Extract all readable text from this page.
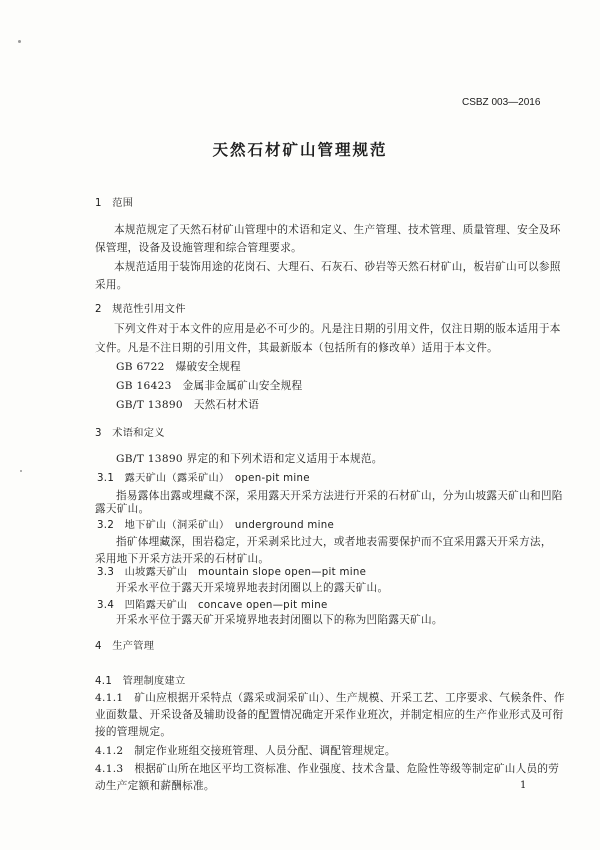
CSBZ 003—2016
天然石材矿山管理规范
1　范围
本规范规定了天然石材矿山管理中的术语和定义、生产管理、技术管理、质量管理、安全及环
保管理，设备及设施管理和综合管理要求。
本规范适用于装饰用途的花岗石、大理石、石灰石、砂岩等天然石材矿山，板岩矿山可以参照
采用。
2　规范性引用文件
下列文件对于本文件的应用是必不可少的。凡是注日期的引用文件，仅注日期的版本适用于本
文件。凡是不注日期的引用文件，其最新版本（包括所有的修改单）适用于本文件。
GB 6722　爆破安全规程
GB 16423　金属非金属矿山安全规程
GB/T 13890　天然石材术语
3　术语和定义
GB/T 13890 界定的和下列术语和定义适用于本规范。
3.1　露天矿山（露采矿山）　open-pit mine
指易露体出露或埋藏不深，采用露天开采方法进行开采的石材矿山，分为山坡露天矿山和凹陷
露天矿山。
3.2　地下矿山（洞采矿山）　underground mine
指矿体埋藏深，围岩稳定，开采剥采比过大，或者地表需要保护而不宜采用露天开采方法，
采用地下开采方法开采的石材矿山。
3.3　山坡露天矿山　mountain slope open—pit mine
开采水平位于露天开采境界地表封闭圈以上的露天矿山。
3.4　凹陷露天矿山　concave open—pit mine
开采水平位于露天矿开采境界地表封闭圈以下的称为凹陷露天矿山。
4　生产管理
4.1　管理制度建立
4.1.1　矿山应根据开采特点（露采或洞采矿山）、生产规模、开采工艺、工序要求、气候条件、作
业面数量、开采设备及辅助设备的配置情况确定开采作业班次，并制定相应的生产作业形式及可衔
接的管理规定。
4.1.2　制定作业班组交接班管理、人员分配、调配管理规定。
4.1.3　根据矿山所在地区平均工资标准、作业强度、技术含量、危险性等级等制定矿山人员的劳
动生产定额和薪酬标准。	1
